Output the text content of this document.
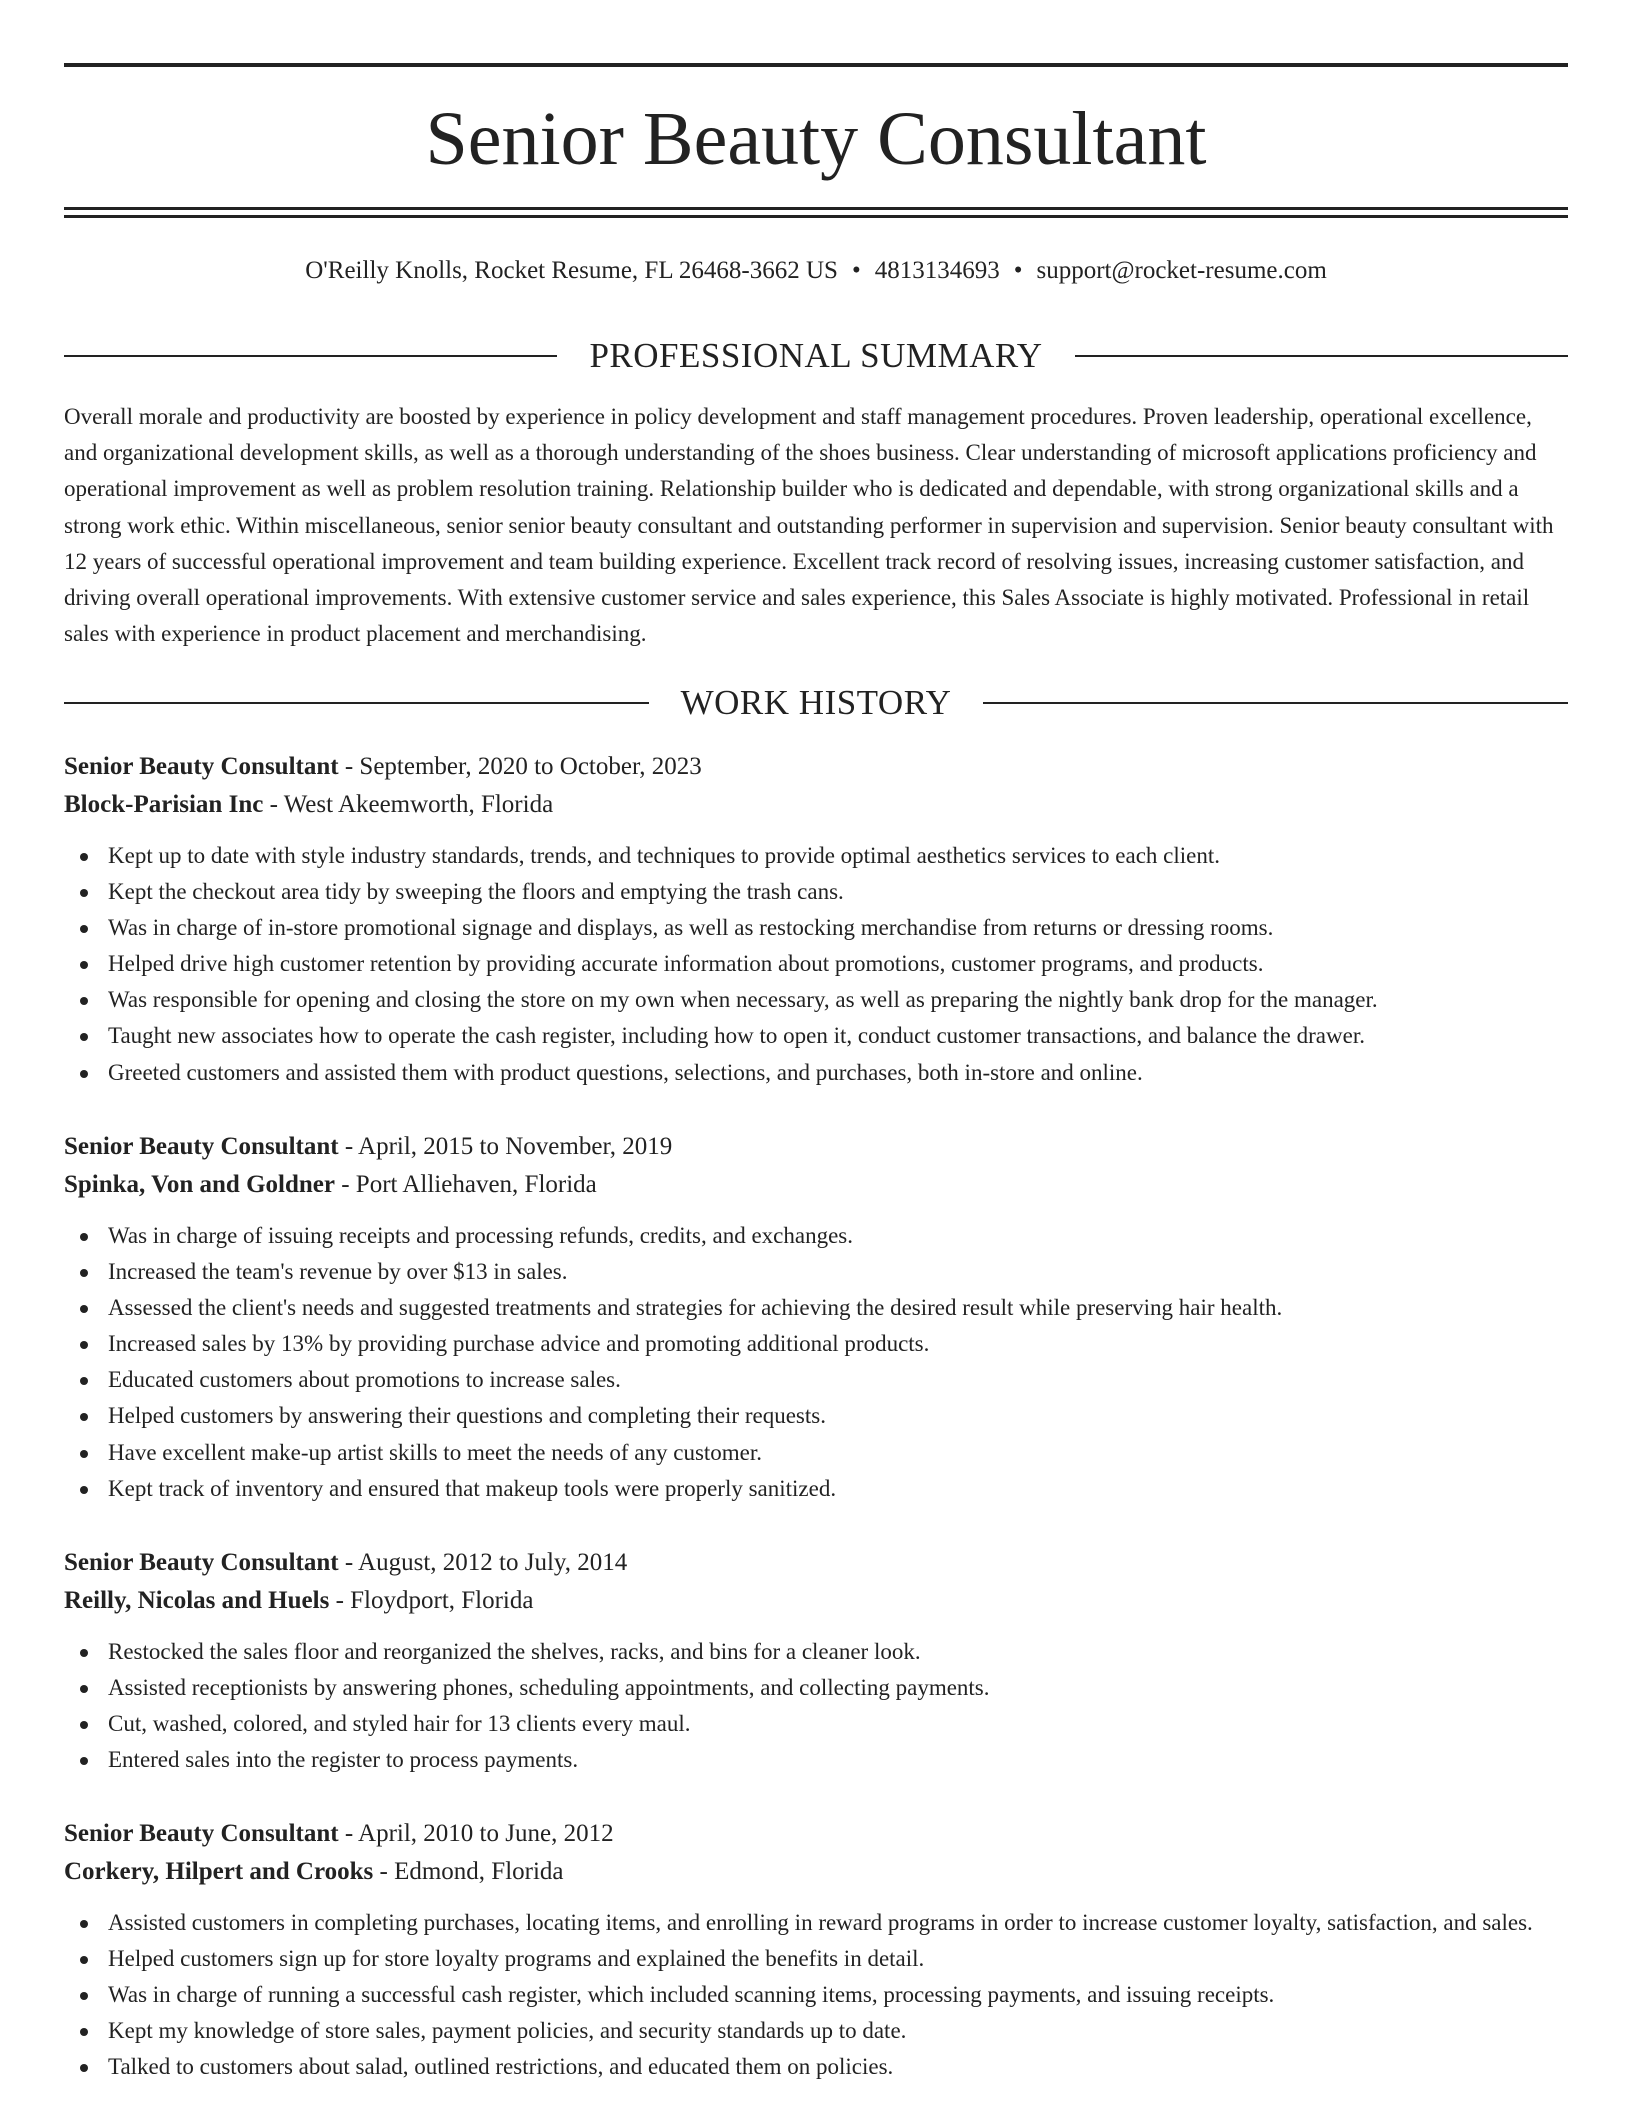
Senior Beauty Consultant
O'Reilly Knolls, Rocket Resume, FL 26468-3662 US • 4813134693 • support@rocket-resume.com
PROFESSIONAL SUMMARY

Overall morale and productivity are boosted by experience in policy development and staff management procedures. Proven leadership, operational excellence, and organizational development skills, as well as a thorough understanding of the shoes business. Clear understanding of microsoft applications proficiency and operational improvement as well as problem resolution training. Relationship builder who is dedicated and dependable, with strong organizational skills and a strong work ethic. Within miscellaneous, senior senior beauty consultant and outstanding performer in supervision and supervision. Senior beauty consultant with 12 years of successful operational improvement and team building experience. Excellent track record of resolving issues, increasing customer satisfaction, and driving overall operational improvements. With extensive customer service and sales experience, this Sales Associate is highly motivated. Professional in retail sales with experience in product placement and merchandising.

WORK HISTORY

Senior Beauty Consultant - September, 2020 to October, 2023

Block-Parisian Inc - West Akeemworth, Florida

Kept up to date with style industry standards, trends, and techniques to provide optimal aesthetics services to each client.
Kept the checkout area tidy by sweeping the floors and emptying the trash cans.
Was in charge of in-store promotional signage and displays, as well as restocking merchandise from returns or dressing rooms.
Helped drive high customer retention by providing accurate information about promotions, customer programs, and products.
Was responsible for opening and closing the store on my own when necessary, as well as preparing the nightly bank drop for the manager.
Taught new associates how to operate the cash register, including how to open it, conduct customer transactions, and balance the drawer.
Greeted customers and assisted them with product questions, selections, and purchases, both in-store and online.

Senior Beauty Consultant - April, 2015 to November, 2019

Spinka, Von and Goldner - Port Alliehaven, Florida

Was in charge of issuing receipts and processing refunds, credits, and exchanges.
Increased the team's revenue by over $13 in sales.
Assessed the client's needs and suggested treatments and strategies for achieving the desired result while preserving hair health.
Increased sales by 13% by providing purchase advice and promoting additional products.
Educated customers about promotions to increase sales.
Helped customers by answering their questions and completing their requests.
Have excellent make-up artist skills to meet the needs of any customer.
Kept track of inventory and ensured that makeup tools were properly sanitized.

Senior Beauty Consultant - August, 2012 to July, 2014

Reilly, Nicolas and Huels - Floydport, Florida

Restocked the sales floor and reorganized the shelves, racks, and bins for a cleaner look.
Assisted receptionists by answering phones, scheduling appointments, and collecting payments.
Cut, washed, colored, and styled hair for 13 clients every maul.
Entered sales into the register to process payments.

Senior Beauty Consultant - April, 2010 to June, 2012

Corkery, Hilpert and Crooks - Edmond, Florida

Assisted customers in completing purchases, locating items, and enrolling in reward programs in order to increase customer loyalty, satisfaction, and sales.
Helped customers sign up for store loyalty programs and explained the benefits in detail.
Was in charge of running a successful cash register, which included scanning items, processing payments, and issuing receipts.
Kept my knowledge of store sales, payment policies, and security standards up to date.
Talked to customers about salad, outlined restrictions, and educated them on policies.
